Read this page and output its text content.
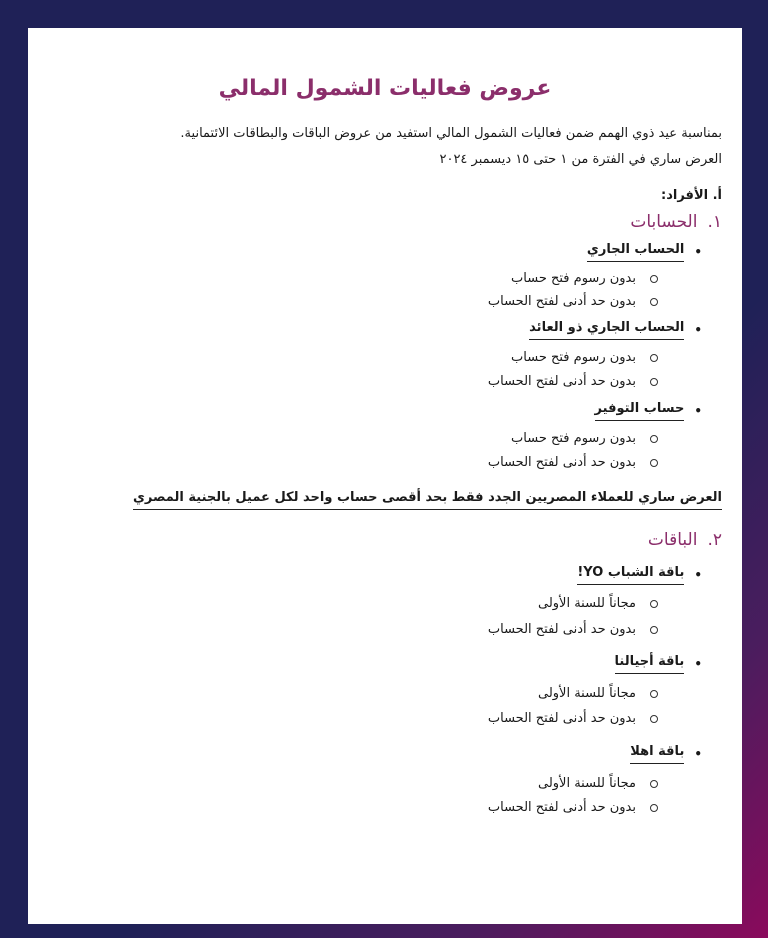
عروض فعاليات الشمول المالي
بمناسبة عيد ذوي الهمم ضمن فعاليات الشمول المالي استفيد من عروض الباقات والبطاقات الائتمانية.
العرض ساري في الفترة من ١ حتى ١٥ ديسمبر ٢٠٢٤
أ. الأفراد:
١.الحسابات
•
الحساب الجاري
بدون رسوم فتح حساب
بدون حد أدنى لفتح الحساب
•
الحساب الجاري ذو العائد
بدون رسوم فتح حساب
بدون حد أدنى لفتح الحساب
•
حساب التوفير
بدون رسوم فتح حساب
بدون حد أدنى لفتح الحساب
العرض ساري للعملاء المصريين الجدد فقط بحد أقصى حساب واحد لكل عميل بالجنية المصري
٢.الباقات
•
باقة الشباب YO!
مجاناً للسنة الأولى
بدون حد أدنى لفتح الحساب
•
باقة أجيالنا
مجاناً للسنة الأولى
بدون حد أدنى لفتح الحساب
•
باقة اهلا
مجاناً للسنة الأولى
بدون حد أدنى لفتح الحساب
